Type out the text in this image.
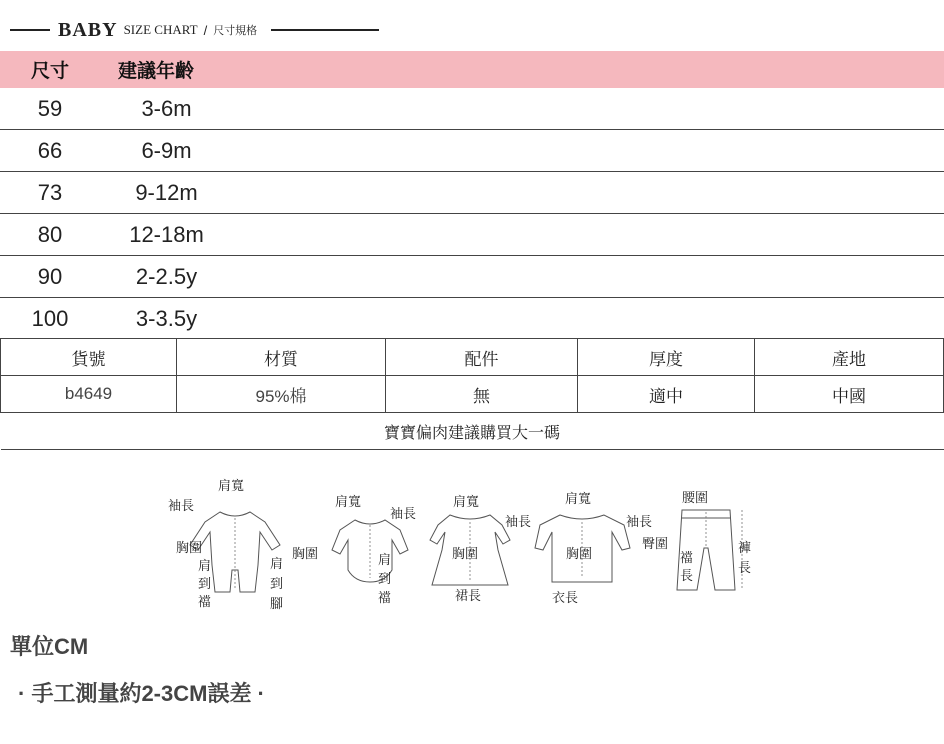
BABY SIZE CHART / 尺寸規格
尺寸	建議年齡	
59	3-6m	
66	6-9m	
73	9-12m	
80	12-18m	
90	2-2.5y	
100	3-3.5y	
貨號	材質	配件	厚度	產地
b4649	95%棉	無	適中	中國
寶寶偏肉建議購買大一碼				
肩寬
袖長
胸圍
肩
到
襠
肩
到
腳
肩寬
袖長
胸圍	肩
到
襠
肩寬
袖長
胸圍
裙長
肩寬
袖長
胸圍
衣長
腰圍
臀圍
襠
長
褲
長
單位CM
· 手工測量約2-3CM誤差 ·
